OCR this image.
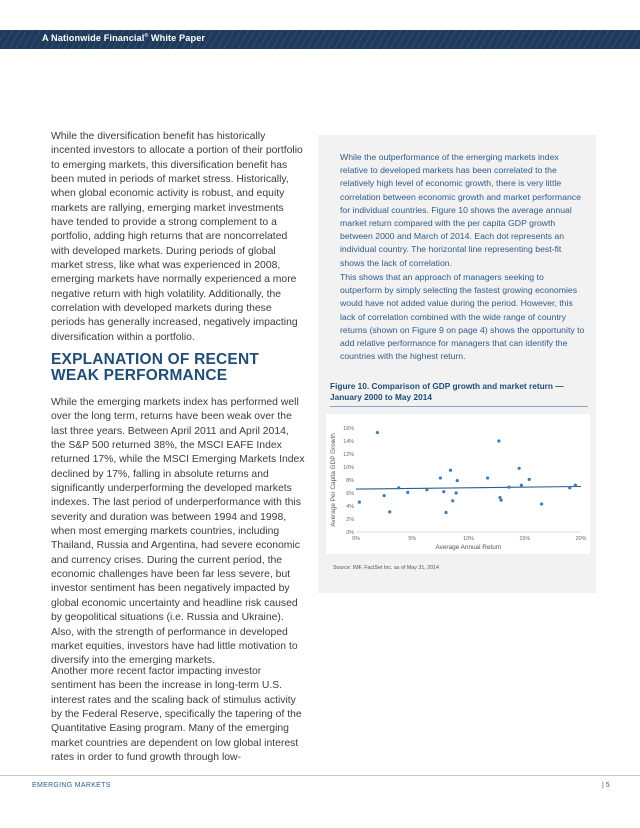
A Nationwide Financial® White Paper

While the diversification benefit has historically incented investors to allocate a portion of their portfolio to emerging markets, this diversification benefit has been muted in periods of market stress. Historically, when global economic activity is robust, and equity markets are rallying, emerging market investments have tended to provide a strong complement to a portfolio, adding high returns that are noncorrelated with developed markets. During periods of global market stress, like what was experienced in 2008, emerging markets have normally experienced a more negative return with high volatility. Additionally, the correlation with developed markets during these periods has generally increased, negatively impacting diversification within a portfolio.

EXPLANATION OF RECENT WEAK PERFORMANCE

While the emerging markets index has performed well over the long term, returns have been weak over the last three years. Between April 2011 and April 2014, the S&P 500 returned 38%, the MSCI EAFE Index returned 17%, while the MSCI Emerging Markets Index declined by 17%, falling in absolute returns and significantly underperforming the developed markets indexes. The last period of underperformance with this severity and duration was between 1994 and 1998, when most emerging markets countries, including Thailand, Russia and Argentina, had severe economic and currency crises. During the current period, the economic challenges have been far less severe, but investor sentiment has been negatively impacted by global economic uncertainty and headline risk caused by geopolitical situations (i.e. Russia and Ukraine). Also, with the strength of performance in developed market equities, investors have had little motivation to diversify into the emerging markets.

Another more recent factor impacting investor sentiment has been the increase in long-term U.S. interest rates and the scaling back of stimulus activity by the Federal Reserve, specifically the tapering of the Quantitative Easing program. Many of the emerging market countries are dependent on low global interest rates in order to fund growth through low-

While the outperformance of the emerging markets index relative to developed markets has been correlated to the relatively high level of economic growth, there is very little correlation between economic growth and market performance for individual countries. Figure 10 shows the average annual market return compared with the per capita GDP growth between 2000 and March of 2014. Each dot represents an individual country. The horizontal line representing best-fit shows the lack of correlation.

This shows that an approach of managers seeking to outperform by simply selecting the fastest growing economies would have not added value during the period. However, this lack of correlation combined with the wide range of country returns (shown on Figure 9 on page 4) shows the opportunity to add relative performance for managers that can identify the countries with the highest return.

Figure 10. Comparison of GDP growth and market return — January 2000 to May 2014
0%
2%
4%
6%
8%
10%
12%
14%
16%
0%	5%	10%	15%	20%
Average Annual Return
Average Per Capita GDP Growth
Source: IMF, FactSet Inc. as of May 31, 2014
EMERGING MARKETS	| 5
